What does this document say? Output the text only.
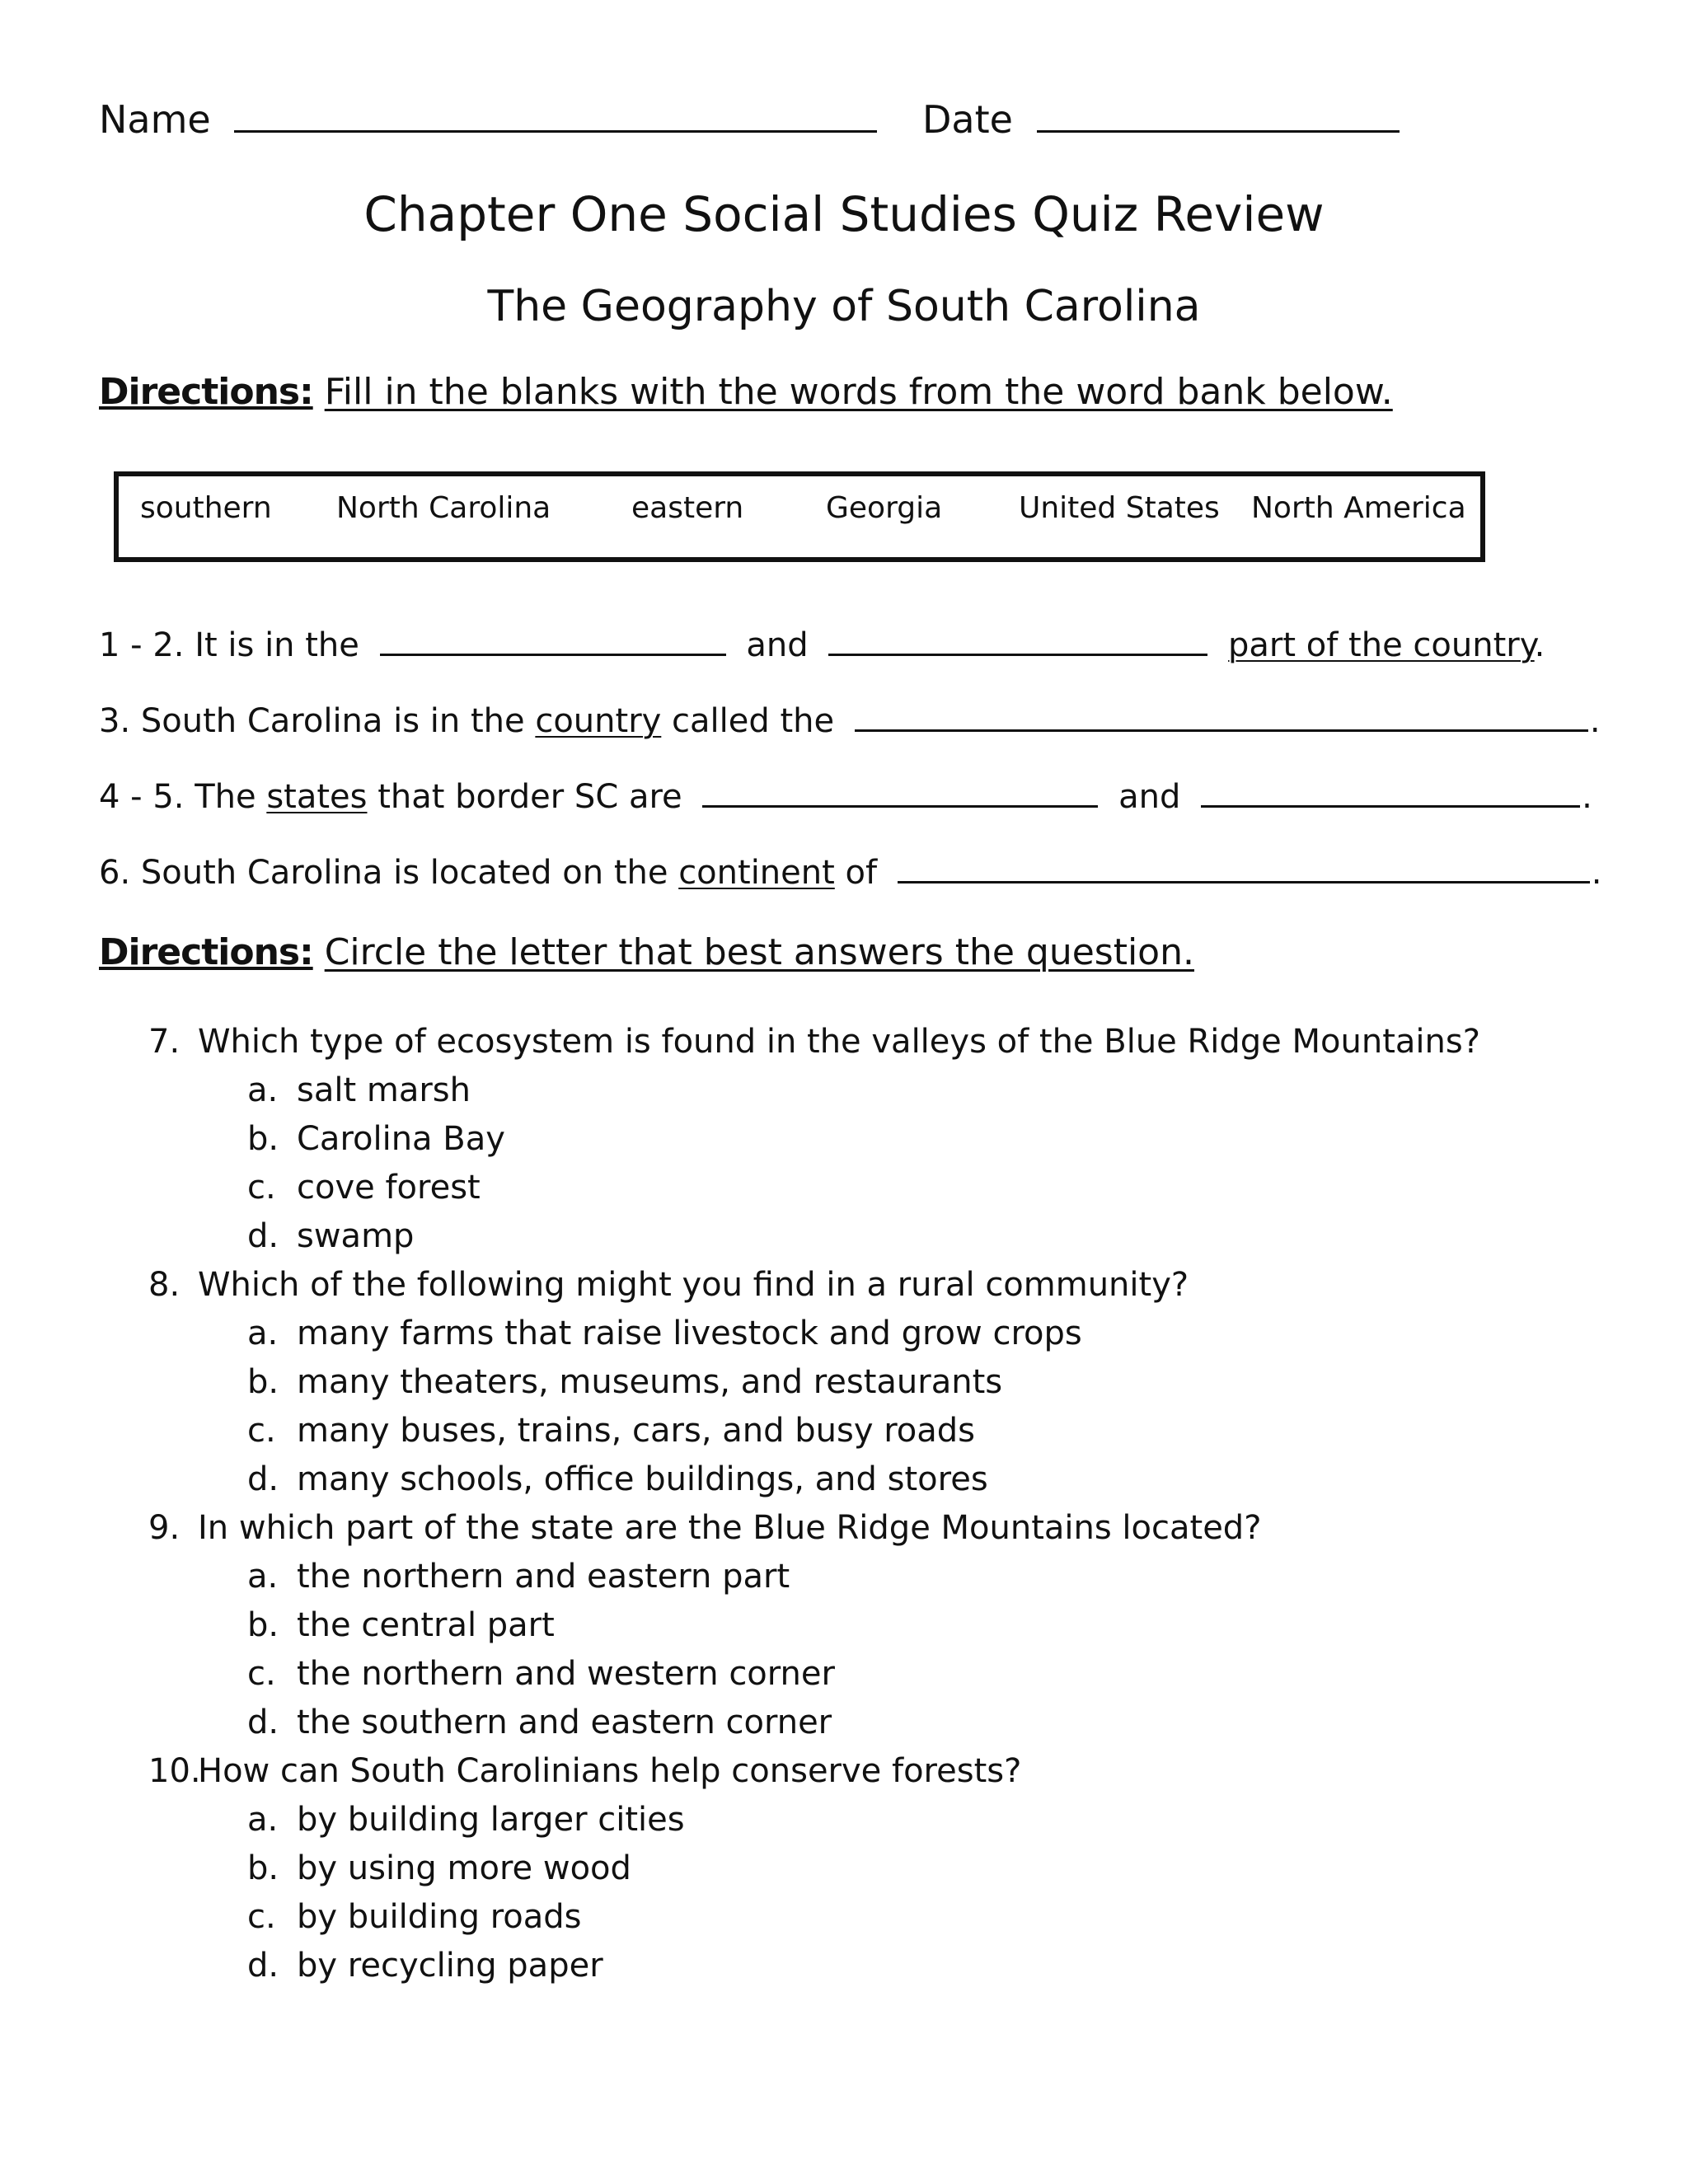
Name	Date
Chapter One Social Studies Quiz Review
The Geography of South Carolina
Directions: Fill in the blanks with the words from the word bank below.
southern North Carolina	eastern	Georgia	United States North America
1 - 2. It is in the	and	part of the country.
3. South Carolina is in the country called the	.
4 - 5. The states that border SC are	and	.
6. South Carolina is located on the continent of	.
Directions: Circle the letter that best answers the question.
7. Which type of ecosystem is found in the valleys of the Blue Ridge Mountains?
a. salt marsh
b. Carolina Bay
c. cove forest
d. swamp
8. Which of the following might you find in a rural community?
a. many farms that raise livestock and grow crops
b. many theaters, museums, and restaurants
c. many buses, trains, cars, and busy roads
d. many schools, office buildings, and stores
9. In which part of the state are the Blue Ridge Mountains located?
a. the northern and eastern part
b. the central part
c. the northern and western corner
d. the southern and eastern corner
10.
How can South Carolinians help conserve forests?
a. by building larger cities
b. by using more wood
c. by building roads
d. by recycling paper
